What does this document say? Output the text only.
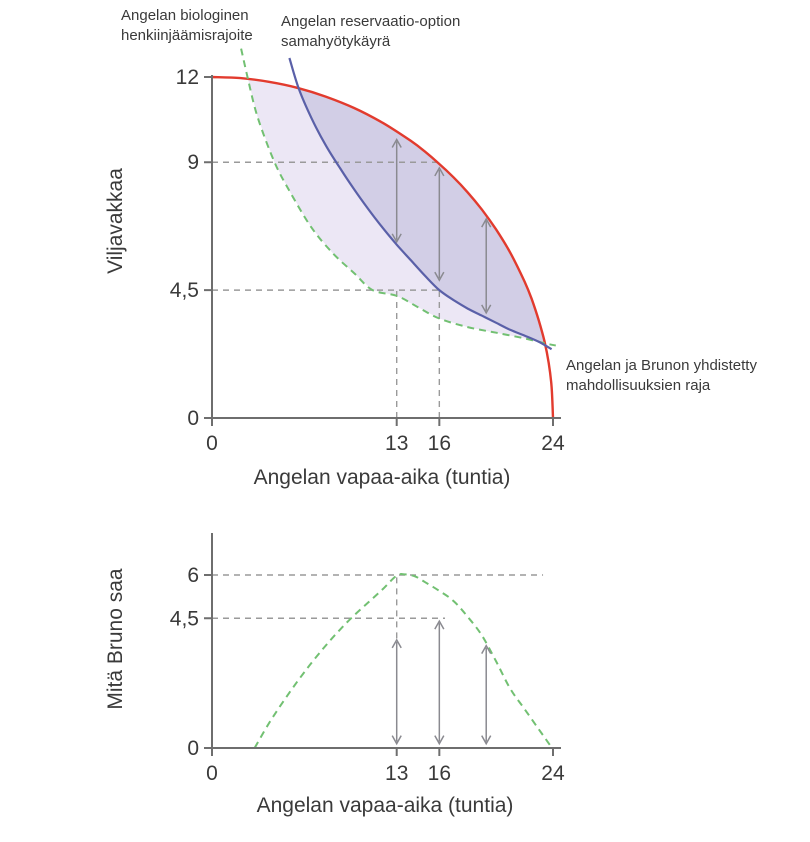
0	13 16	24
0
4,5
9
12
0	13 16	24
0
4,5
6
Angelan biologinen
henkiinjäämisrajoite
Angelan reservaatio-option
samahyötykäyrä
Angelan ja Brunon yhdistetty
mahdollisuuksien raja
Viljavakkaa
Angelan vapaa-aika (tuntia)
Mitä Bruno saa
Angelan vapaa-aika (tuntia)
